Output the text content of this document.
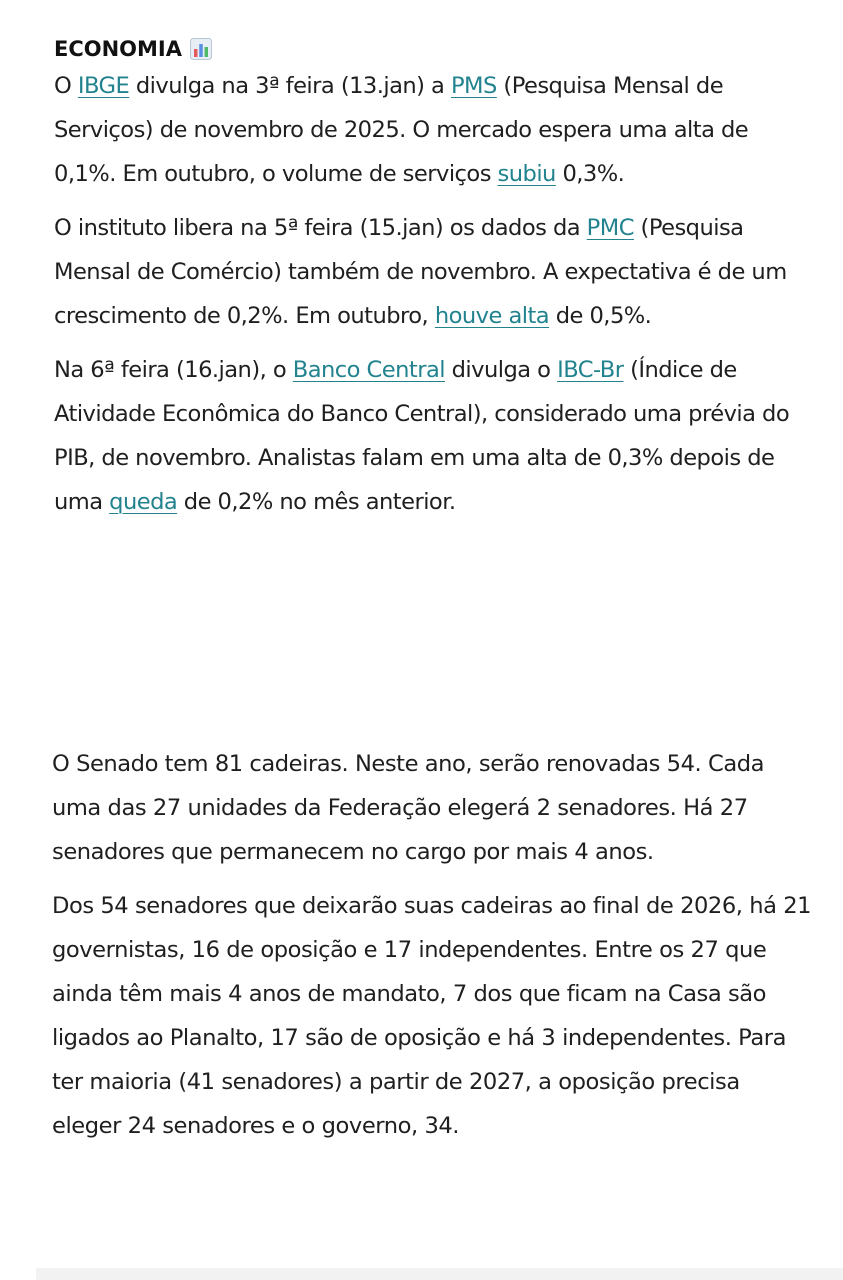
ECONOMIA

O IBGE divulga na 3ª feira (13.jan) a PMS (Pesquisa Mensal de Serviços) de novembro de 2025. O mercado espera uma alta de 0,1%. Em outubro, o volume de serviços subiu 0,3%.

O instituto libera na 5ª feira (15.jan) os dados da PMC (Pesquisa Mensal de Comércio) também de novembro. A expectativa é de um crescimento de 0,2%. Em outubro, houve alta de 0,5%.

Na 6ª feira (16.jan), o Banco Central divulga o IBC-Br (Índice de Atividade Econômica do Banco Central), considerado uma prévia do PIB, de novembro. Analistas falam em uma alta de 0,3% depois de uma queda de 0,2% no mês anterior.

O Senado tem 81 cadeiras. Neste ano, serão renovadas 54. Cada uma das 27 unidades da Federação elegerá 2 senadores. Há 27 senadores que permanecem no cargo por mais 4 anos.

Dos 54 senadores que deixarão suas cadeiras ao final de 2026, há 21 governistas, 16 de oposição e 17 independentes. Entre os 27 que ainda têm mais 4 anos de mandato, 7 dos que ficam na Casa são ligados ao Planalto, 17 são de oposição e há 3 independentes. Para ter maioria (41 senadores) a partir de 2027, a oposição precisa eleger 24 senadores e o governo, 34.
